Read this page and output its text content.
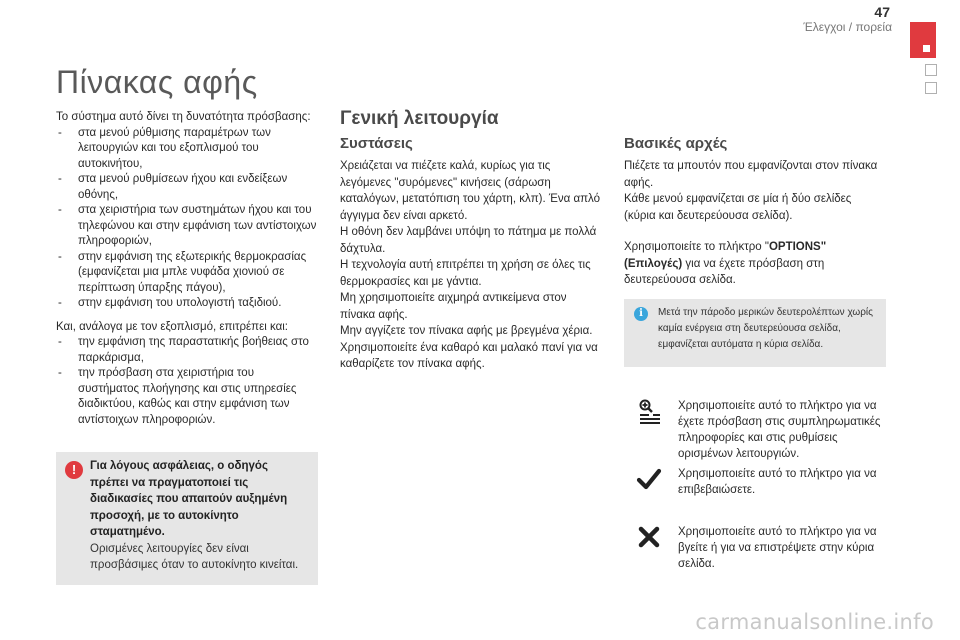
47
Έλεγχοι / πορεία
Πίνακας αφής

Το σύστημα αυτό δίνει τη δυνατότητα πρόσβασης:

- στα μενού ρύθμισης παραμέτρων των λειτουργιών και του εξοπλισμού του αυτοκινήτου,
- στα μενού ρυθμίσεων ήχου και ενδείξεων οθόνης,
- στα χειριστήρια των συστημάτων ήχου και του τηλεφώνου και στην εμφάνιση των αντίστοιχων πληροφοριών,
- στην εμφάνιση της εξωτερικής θερμοκρασίας (εμφανίζεται μια μπλε νυφάδα χιονιού σε περίπτωση ύπαρξης πάγου),
- στην εμφάνιση του υπολογιστή ταξιδιού.

Και, ανάλογα με τον εξοπλισμό, επιτρέπει και:

- την εμφάνιση της παραστατικής βοήθειας στο παρκάρισμα,
- την πρόσβαση στα χειριστήρια του συστήματος πλοήγησης και στις υπηρεσίες διαδικτύου, καθώς και στην εμφάνιση των αντίστοιχων πληροφοριών.
!	Για λόγους ασφάλειας, ο οδηγός πρέπει να πραγματοποιεί τις διαδικασίες που απαιτούν αυξημένη προσοχή, με το αυτοκίνητο σταματημένο.
Ορισμένες λειτουργίες δεν είναι προσβάσιμες όταν το αυτοκίνητο κινείται.
Γενική λειτουργία
Συστάσεις

Χρειάζεται να πιέζετε καλά, κυρίως για τις λεγόμενες "συρόμενες" κινήσεις (σάρωση καταλόγων, μετατόπιση του χάρτη, κλπ). Ένα απλό άγγιγμα δεν είναι αρκετό.

Η οθόνη δεν λαμβάνει υπόψη το πάτημα με πολλά δάχτυλα.

Η τεχνολογία αυτή επιτρέπει τη χρήση σε όλες τις θερμοκρασίες και με γάντια.

Μη χρησιμοποιείτε αιχμηρά αντικείμενα στον πίνακα αφής.

Μην αγγίζετε τον πίνακα αφής με βρεγμένα χέρια.

Χρησιμοποιείτε ένα καθαρό και μαλακό πανί για να καθαρίζετε τον πίνακα αφής.

Βασικές αρχές

Πιέζετε τα μπουτόν που εμφανίζονται στον πίνακα αφής.

Κάθε μενού εμφανίζεται σε μία ή δύο σελίδες (κύρια και δευτερεύουσα σελίδα).

Χρησιμοποιείτε το πλήκτρο "OPTIONS" (Επιλογές) για να έχετε πρόσβαση στη δευτερεύουσα σελίδα.
i	Μετά την πάροδο μερικών δευτερολέπτων χωρίς καμία ενέργεια στη δευτερεύουσα σελίδα, εμφανίζεται αυτόματα η κύρια σελίδα.
Χρησιμοποιείτε αυτό το πλήκτρο για να έχετε πρόσβαση στις συμπληρωματικές πληροφορίες και στις ρυθμίσεις ορισμένων λειτουργιών.
Χρησιμοποιείτε αυτό το πλήκτρο για να επιβεβαιώσετε.
Χρησιμοποιείτε αυτό το πλήκτρο για να βγείτε ή για να επιστρέψετε στην κύρια σελίδα.
carmanualsonline.info
